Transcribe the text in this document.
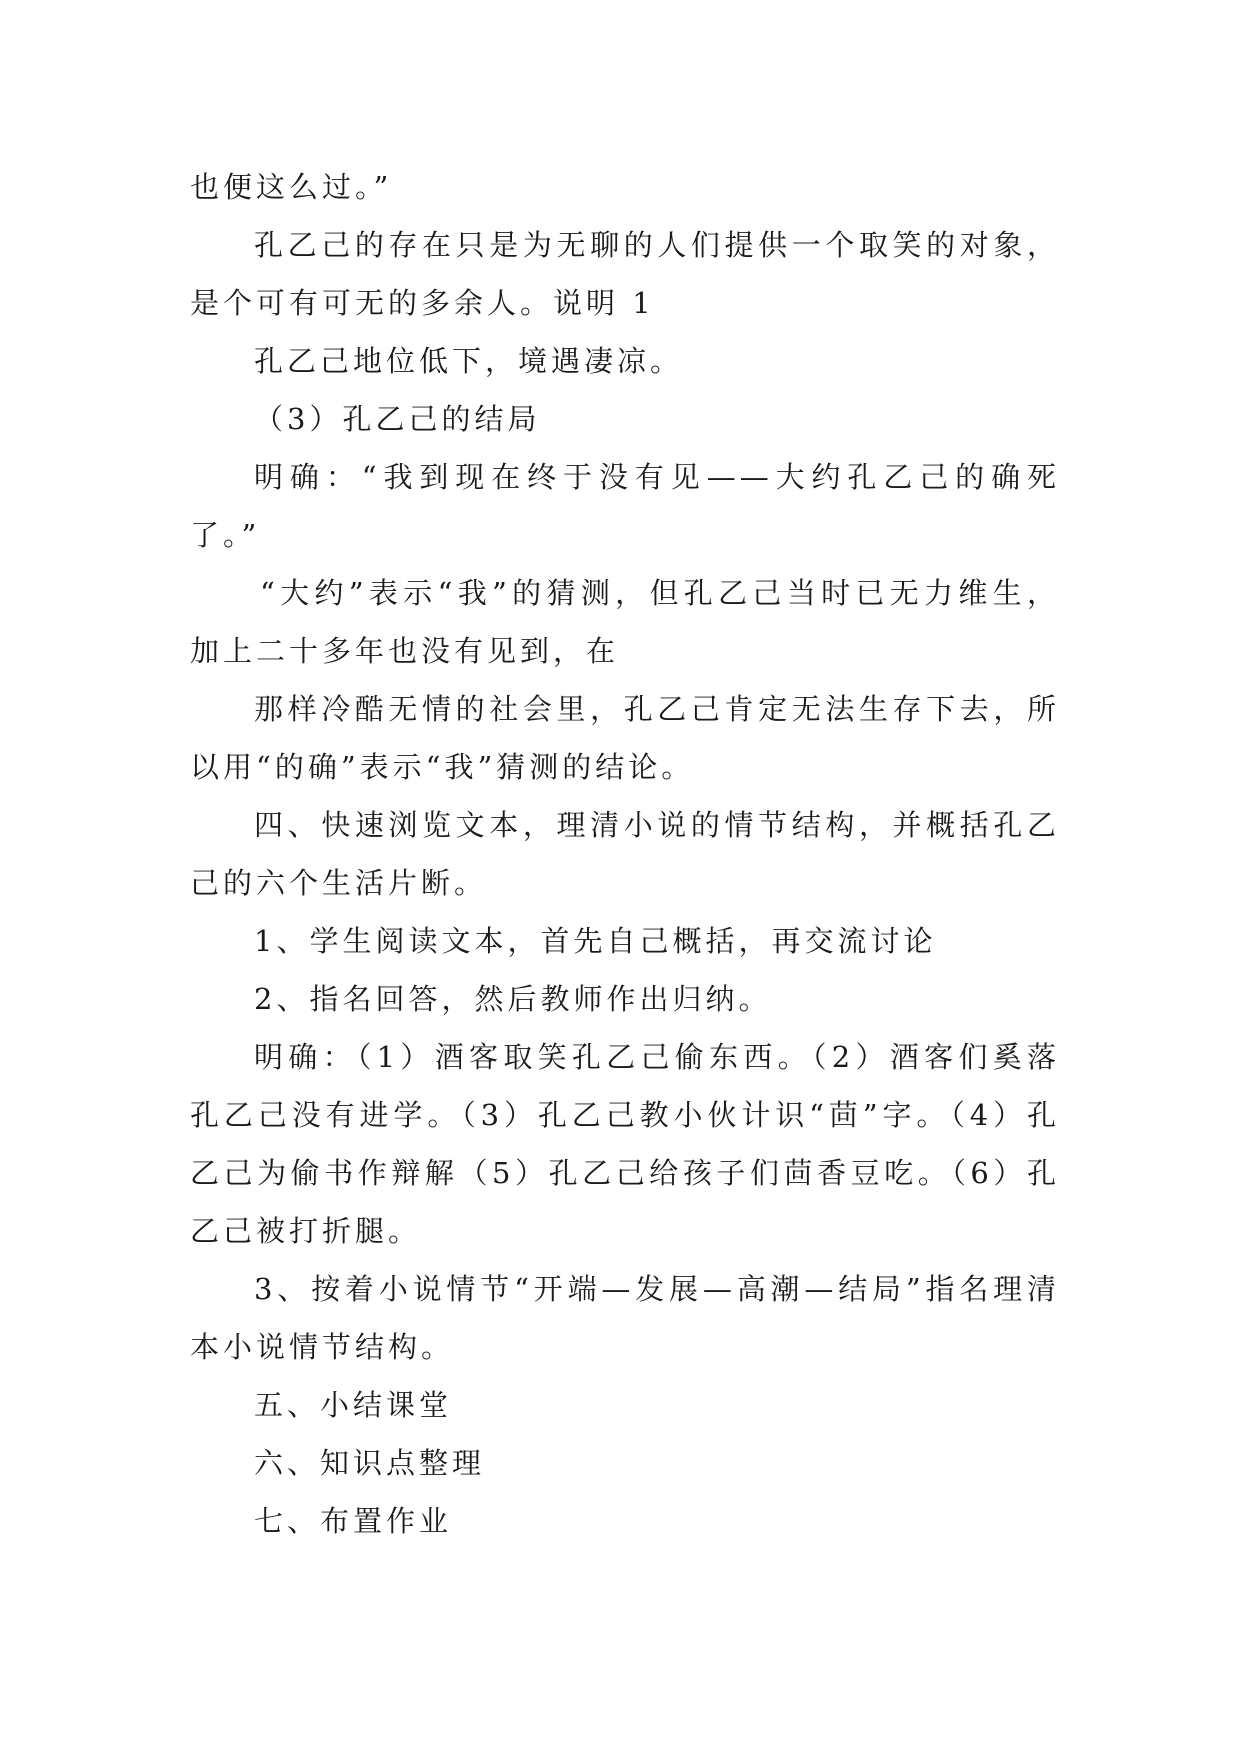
也便这么过。”

孔乙己的存在只是为无聊的人们提供一个取笑的对象，是个可有可无的多余人。说明 1

孔乙己地位低下，境遇凄凉。

（3）孔乙己的结局

明确：“我到现在终于没有见——大约孔乙己的确死了。”

“大约”表示“我”的猜测，但孔乙己当时已无力维生，加上二十多年也没有见到，在

那样冷酷无情的社会里，孔乙己肯定无法生存下去，所以用“的确”表示“我”猜测的结论。

四、快速浏览文本，理清小说的情节结构，并概括孔乙己的六个生活片断。

1、学生阅读文本，首先自己概括，再交流讨论

2、指名回答，然后教师作出归纳。

明确：（1）酒客取笑孔乙己偷东西。（2）酒客们奚落孔乙己没有进学。（3）孔乙己教小伙计识“茴”字。（4）孔乙己为偷书作辩解（5）孔乙己给孩子们茴香豆吃。（6）孔乙己被打折腿。

3、按着小说情节“开端—发展—高潮—结局”指名理清本小说情节结构。

五、小结课堂

六、知识点整理

七、布置作业
